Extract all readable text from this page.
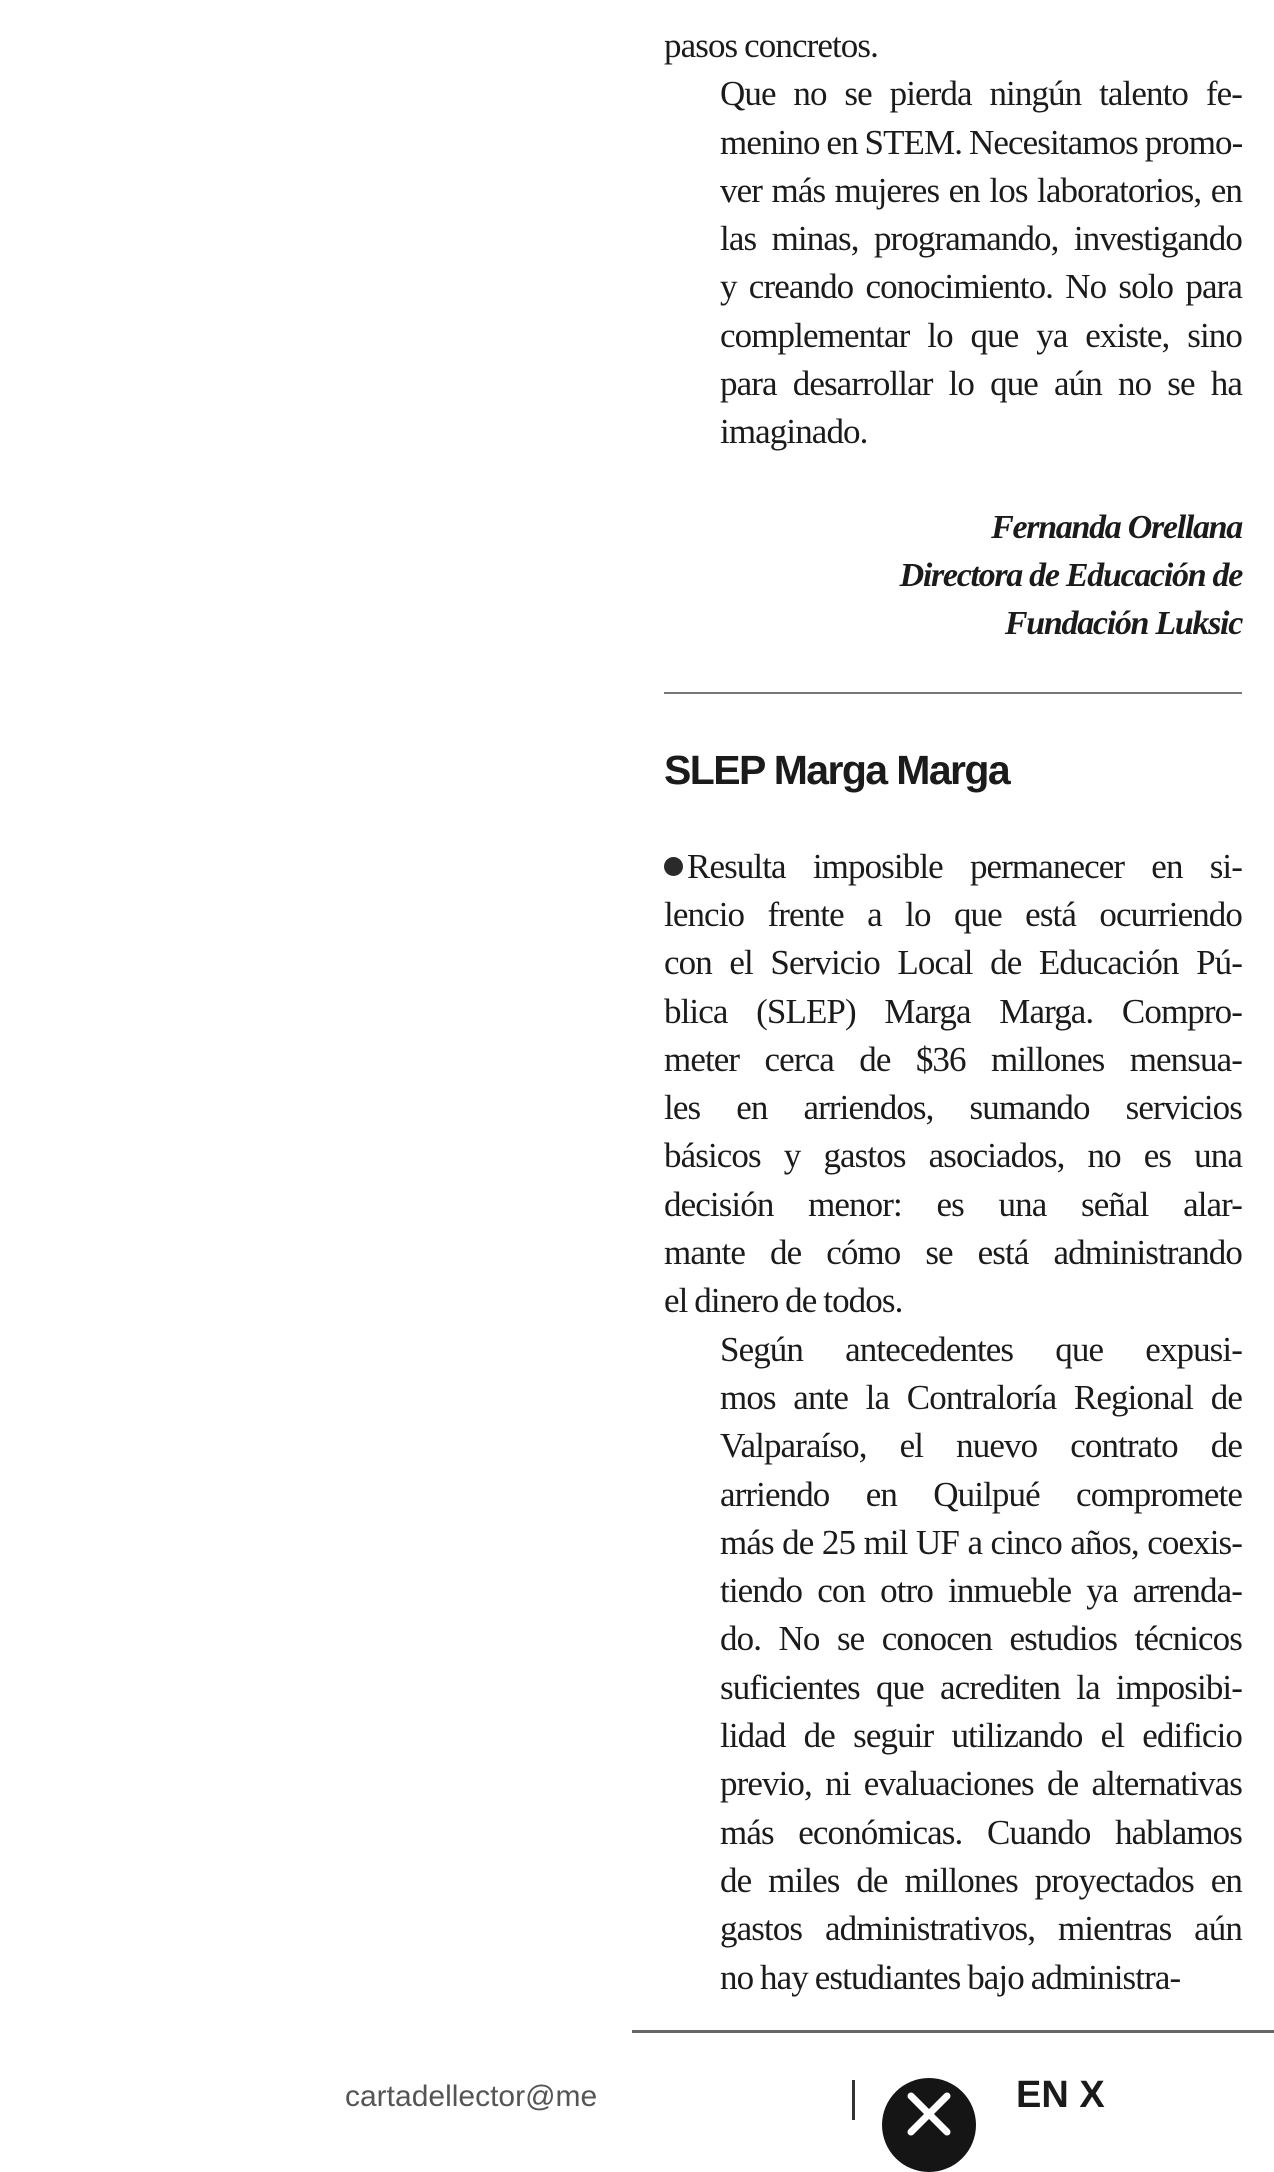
pasos concretos.

Que no se pierda ningún talento fe-
menino en STEM. Necesitamos promo-
ver más mujeres en los laboratorios, en
las minas, programando, investigando
y creando conocimiento. No solo para
complementar lo que ya existe, sino
para desarrollar lo que aún no se ha
imaginado.

Fernanda Orellana
Directora de Educación de
Fundación Luksic
SLEP Marga Marga

Resulta imposible permanecer en si-
lencio frente a lo que está ocurriendo
con el Servicio Local de Educación Pú-
blica (SLEP) Marga Marga. Compro-
meter cerca de $36 millones mensua-
les en arriendos, sumando servicios
básicos y gastos asociados, no es una
decisión menor: es una señal alar-
mante de cómo se está administrando
el dinero de todos.

Según antecedentes que expusi-
mos ante la Contraloría Regional de
Valparaíso, el nuevo contrato de
arriendo en Quilpué compromete
más de 25 mil UF a cinco años, coexis-
tiendo con otro inmueble ya arrenda-
do. No se conocen estudios técnicos
suficientes que acrediten la imposibi-
lidad de seguir utilizando el edificio
previo, ni evaluaciones de alternativas
más económicas. Cuando hablamos
de miles de millones proyectados en
gastos administrativos, mientras aún
no hay estudiantes bajo administra-

cartadellector@me	EN X
